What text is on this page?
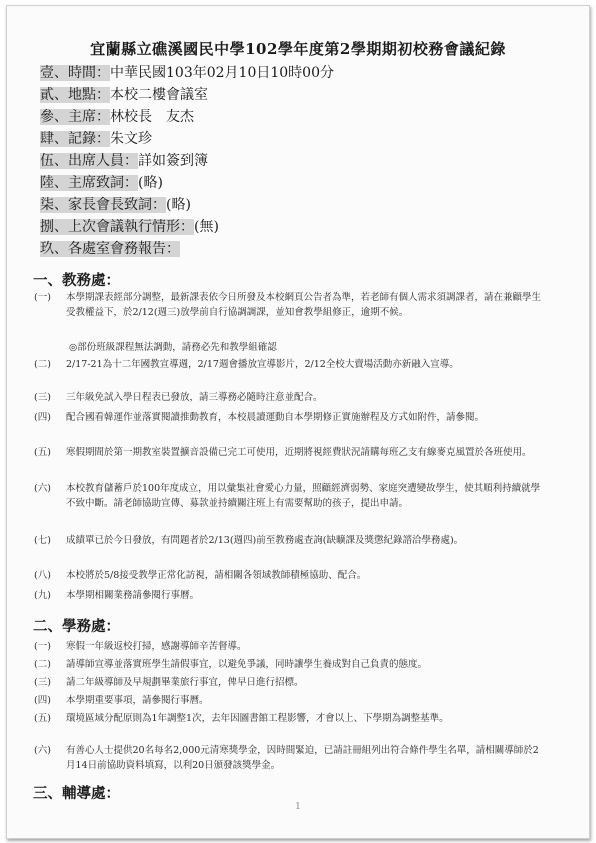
宜蘭縣立礁溪國民中學102學年度第2學期期初校務會議紀錄
壹、時間：中華民國103年02月10日10時00分
貳、地點：本校二樓會議室
參、主席：林校長　友杰
肆、記錄：朱文珍
伍、出席人員：詳如簽到簿
陸、主席致詞：(略)
柒、家長會長致詞：(略)
捌、上次會議執行情形：(無)
玖、各處室會務報告：
一、教務處：
(一) 本學期課表經部分調整，最新課表依今日所發及本校網頁公告者為準，若老師有個人需求須調課者，請在兼顧學生受教權益下，於2/12(週三)放學前自行協調調課，並知會教學組修正，逾期不候。
◎部份班級課程無法調動，請務必先和教學組確認
(二) 2/17-21為十二年國教宣導週，2/17週會播放宣導影片，2/12全校大賣場活動亦新融入宣導。
(三) 三年級免試入學日程表已發放，請三導務必隨時注意並配合。
(四) 配合國看韓運作並落實閱讀推動教育，本校晨讀運動自本學期修正實施辦程及方式如附件，請參閱。
(五) 寒假期間於第一期教室裝置擴音設備已完工可使用，近期將視經費狀況請購每班乙支有線麥克風置於各班使用。
(六) 本校教育儲蓄戶於100年度成立，用以彙集社會愛心力量，照顧經濟弱勢、家庭突遭變故學生，使其順利持續就學不致中斷。請老師協助宣傳、募款並持續關注班上有需要幫助的孩子，提出申請。
(七) 成績單已於今日發放，有問題者於2/13(週四)前至教務處查詢(缺曠課及獎懲紀錄諮洽學務處)。
(八) 本校將於5/8接受教學正常化訪視，請相關各領域教師積極協助、配合。
(九) 本學期相關業務請參閱行事曆。
二、學務處：
(一) 寒假一年級返校打掃，感謝導師辛苦督導。
(二) 請導師宣導並落實班學生請假事宜，以避免爭議，同時讓學生養成對自己負責的態度。
(三) 請二年級導師及早規劃畢業旅行事宜，俾早日進行招標。
(四) 本學期重要事項，請參閱行事曆。
(五) 環境區域分配原則為1年調整1次，去年因圖書館工程影響，才會以上、下學期為調整基準。
(六) 有善心人士提供20名每名2,000元清寒獎學金，因時間緊迫，已請註冊組列出符合條件學生名單，請相關導師於2月14日前協助資料填寫，以利20日頒發該獎學金。
三、輔導處：
1
